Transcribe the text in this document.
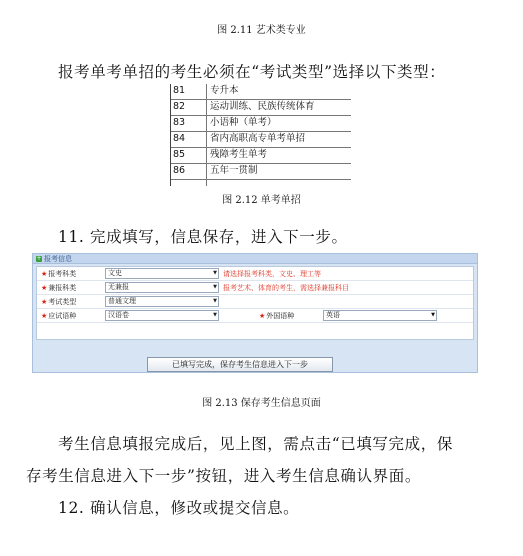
图 2.11 艺术类专业
报考单考单招的考生必须在“考试类型”选择以下类型：
81	专升本
82	运动训练、民族传统体育
83	小语种（单考）
84	省内高职高专单考单招
85	残障考生单考
86	五年一贯制
图 2.12 单考单招
11. 完成填写，信息保存，进入下一步。
+ 报考信息
★报考科类	文史	▼ 请选择报考科类，文史、理工等
★兼报科类	无兼报	▼ 报考艺术、体育的考生，需选择兼报科目
★考试类型	普通文理	▼
★应试语种	汉语卷	▼	★外国语种	英语	▼
已填写完成，保存考生信息进入下一步
图 2.13 保存考生信息页面
考生信息填报完成后，见上图，需点击“已填写完成，保
存考生信息进入下一步”按钮，进入考生信息确认界面。
12. 确认信息，修改或提交信息。
